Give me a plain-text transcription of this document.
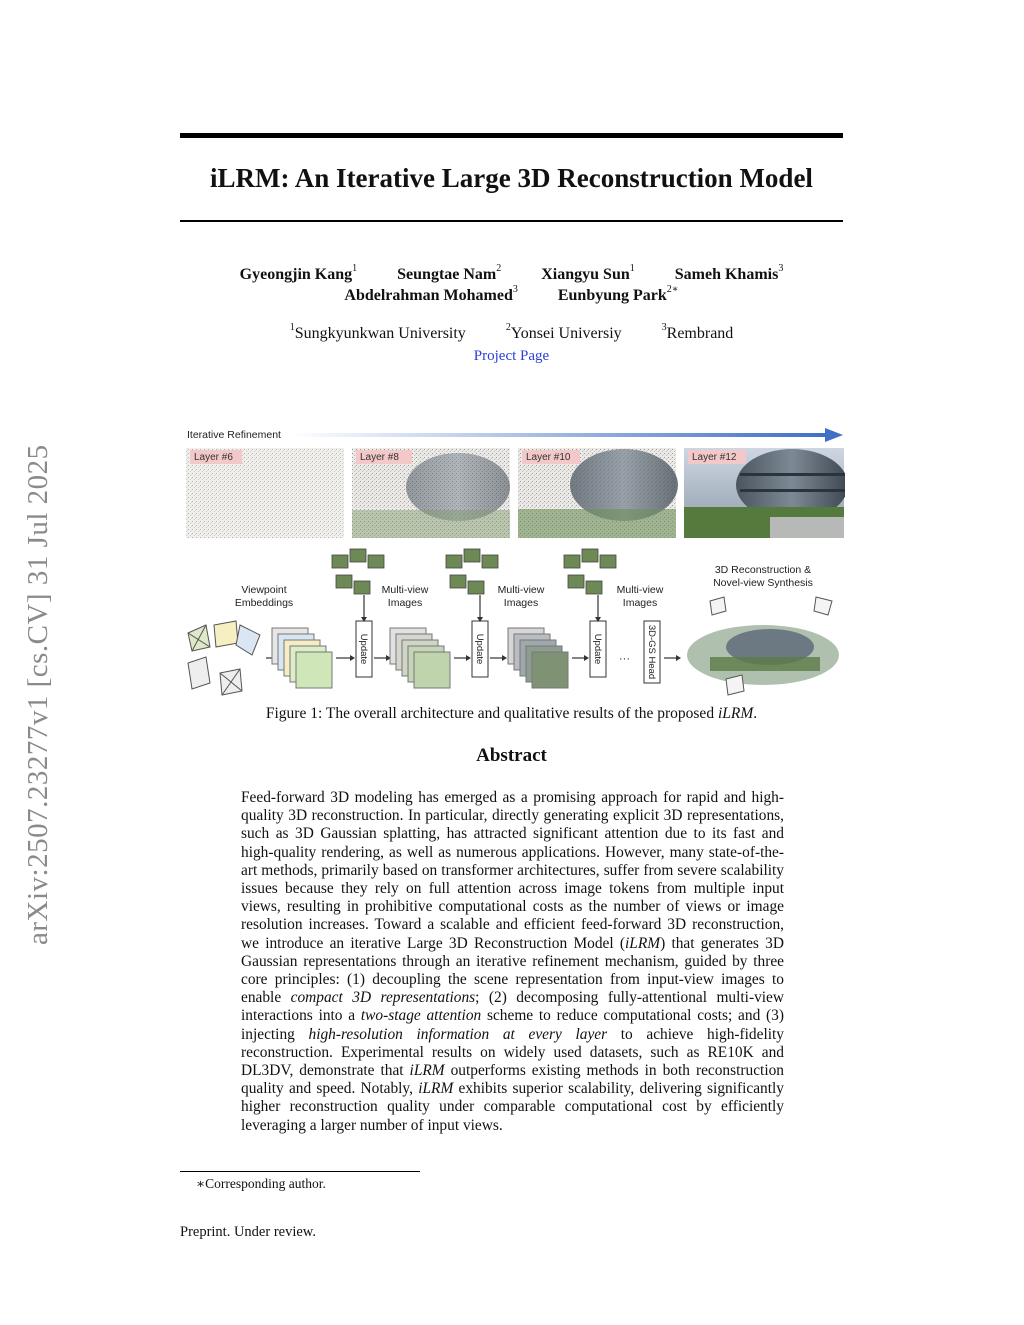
arXiv:2507.23277v1 [cs.CV] 31 Jul 2025
iLRM: An Iterative Large 3D Reconstruction Model
Gyeongjin Kang$^1$	Seungtae Nam$^2$	Xiangyu Sun$^1$	Sameh Khamis$^3$
Abdelrahman Mohamed$^3$	Eunbyung Park$^{2∗}$
$^1$Sungkyunkwan University	$^2$Yonsei Universiy	$^3$Rembrand
Project Page
Iterative Refinement
Layer #6	Layer #8	Layer #10	Layer #12
Viewpoint
Embeddings
Update
Multi-view
Images
Update
Multi-view
Images
Update
Multi-view
Images
··· 3D-GS Head
3D Reconstruction &
Novel-view Synthesis
Figure 1: The overall architecture and qualitative results of the proposed iLRM.
Abstract
Feed-forward 3D modeling has emerged as a promising approach for rapid and high-quality 3D reconstruction. In particular, directly generating explicit 3D representations, such as 3D Gaussian splatting, has attracted significant attention due to its fast and high-quality rendering, as well as numerous applications. However, many state-of-the-art methods, primarily based on transformer architectures, suffer from severe scalability issues because they rely on full attention across image tokens from multiple input views, resulting in prohibitive computational costs as the number of views or image resolution increases. Toward a scalable and efficient feed-forward 3D reconstruction, we introduce an iterative Large 3D Reconstruction Model (iLRM) that generates 3D Gaussian representations through an iterative refinement mechanism, guided by three core principles: (1) decoupling the scene representation from input-view images to enable compact 3D representations; (2) decomposing fully-attentional multi-view interactions into a two-stage attention scheme to reduce computational costs; and (3) injecting high-resolution information at every layer to achieve high-fidelity reconstruction. Experimental results on widely used datasets, such as RE10K and DL3DV, demonstrate that iLRM outperforms existing methods in both reconstruction quality and speed. Notably, iLRM exhibits superior scalability, delivering significantly higher reconstruction quality under comparable computational cost by efficiently leveraging a larger number of input views.
∗Corresponding author.
Preprint. Under review.
